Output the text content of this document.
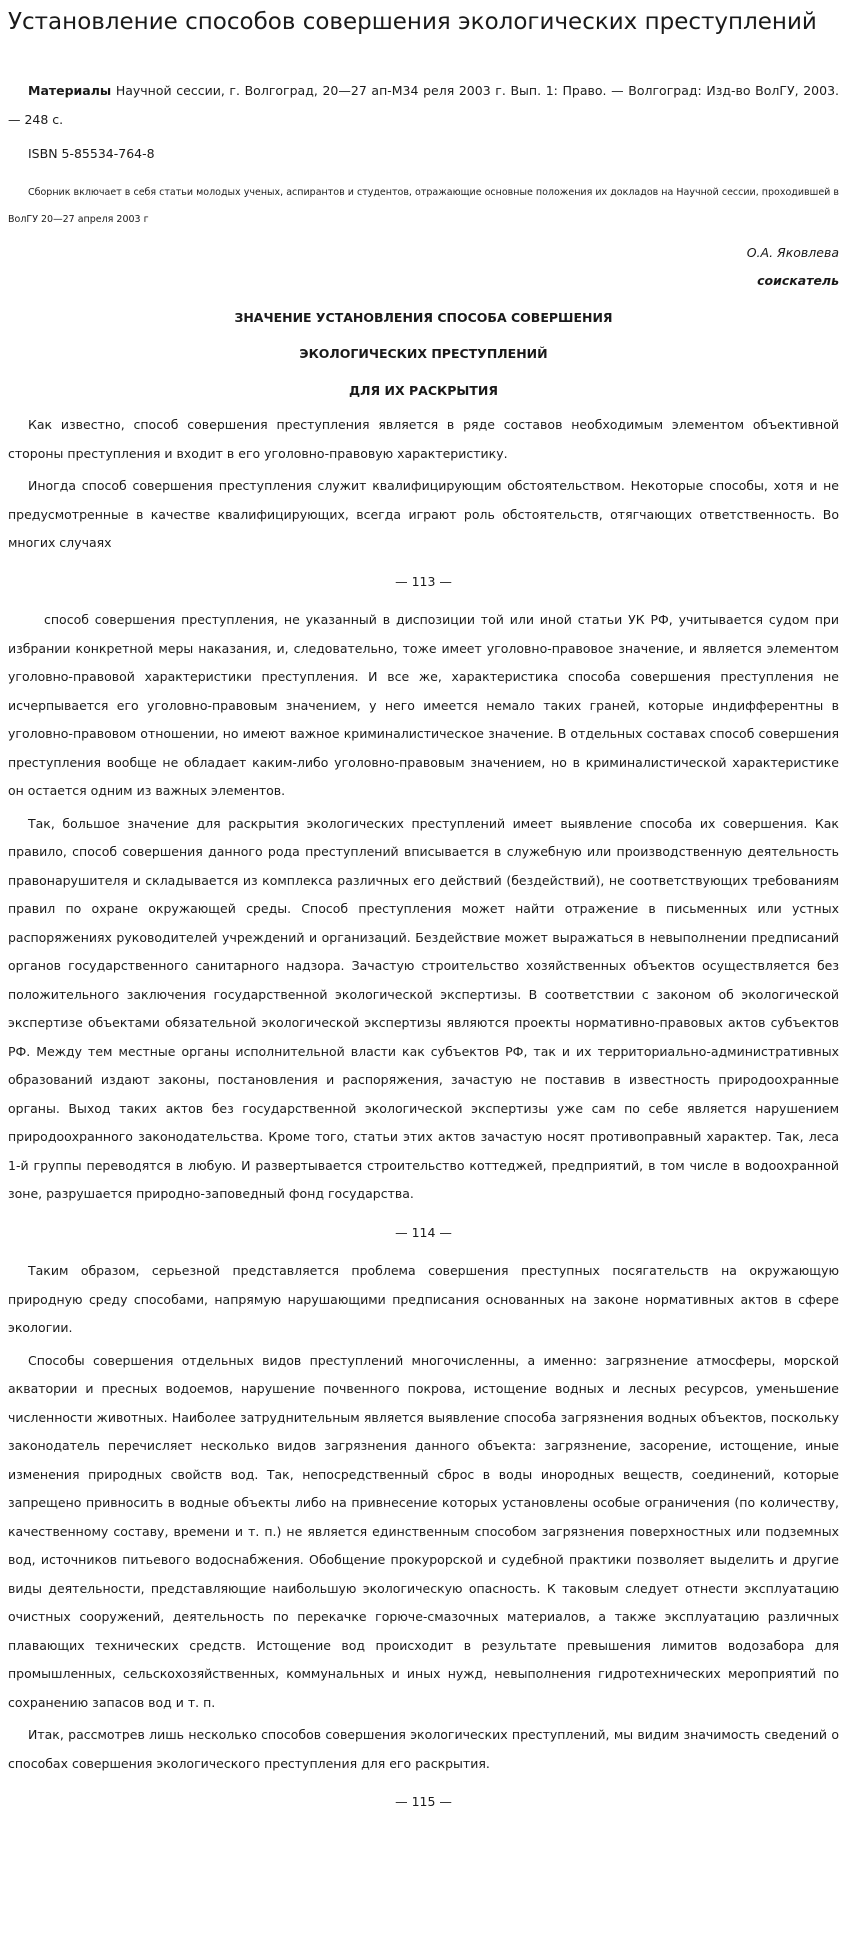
Установление способов совершения экологических преступлений

Материалы Научной сессии, г. Волгоград, 20—27 ап-М34 реля 2003 г. Вып. 1: Право. — Волгоград: Изд-во ВолГУ, 2003. — 248 с.

ISBN 5-85534-764-8

Сборник включает в себя статьи молодых ученых, аспирантов и студентов, отражающие основные положения их докладов на Научной сессии, проходившей в ВолГУ 20—27 апреля 2003 г

О.А. Яковлева

соискатель

ЗНАЧЕНИЕ УСТАНОВЛЕНИЯ СПОСОБА СОВЕРШЕНИЯ

ЭКОЛОГИЧЕСКИХ ПРЕСТУПЛЕНИЙ

ДЛЯ ИХ РАСКРЫТИЯ

Как известно, способ совершения преступления является в ряде составов необходимым элементом объективной стороны преступления и входит в его уголовно-правовую характеристику.

Иногда способ совершения преступления служит квалифицирующим обстоятельством. Некоторые способы, хотя и не предусмотренные в качестве квалифицирующих, всегда играют роль обстоятельств, отягчающих ответственность. Во многих случаях

— 113 —

способ совершения преступления, не указанный в диспозиции той или иной статьи УК РФ, учитывается судом при избрании конкретной меры наказания, и, следовательно, тоже имеет уголовно-правовое значение, и является элементом уголовно-правовой характеристики преступления. И все же, характеристика способа совершения преступления не исчерпывается его уголовно-правовым значением, у него имеется немало таких граней, которые индифферентны в уголовно-правовом отношении, но имеют важное криминалистическое значение. В отдельных составах способ совершения преступления вообще не обладает каким-либо уголовно-правовым значением, но в криминалистической характеристике он остается одним из важных элементов.

Так, большое значение для раскрытия экологических преступлений имеет выявление способа их совершения. Как правило, способ совершения данного рода преступлений вписывается в служебную или производственную деятельность правонарушителя и складывается из комплекса различных его действий (бездействий), не соответствующих требованиям правил по охране окружающей среды. Способ преступления может найти отражение в письменных или устных распоряжениях руководителей учреждений и организаций. Бездействие может выражаться в невыполнении предписаний органов государственного санитарного надзора. Зачастую строительство хозяйственных объектов осуществляется без положительного заключения государственной экологической экспертизы. В соответствии с законом об экологической экспертизе объектами обязательной экологической экспертизы являются проекты нормативно-правовых актов субъектов РФ. Между тем местные органы исполнительной власти как субъектов РФ, так и их территориально-административных образований издают законы, постановления и распоряжения, зачастую не поставив в известность природоохранные органы. Выход таких актов без государственной экологической экспертизы уже сам по себе является нарушением природоохранного законодательства. Кроме того, статьи этих актов зачастую носят противоправный характер. Так, леса 1-й группы переводятся в любую. И развертывается строительство коттеджей, предприятий, в том числе в водоохранной зоне, разрушается природно-заповедный фонд государства.

— 114 —

Таким образом, серьезной представляется проблема совершения преступных посягательств на окружающую природную среду способами, напрямую нарушающими предписания основанных на законе нормативных актов в сфере экологии.

Способы совершения отдельных видов преступлений многочисленны, а именно: загрязнение атмосферы, морской акватории и пресных водоемов, нарушение почвенного покрова, истощение водных и лесных ресурсов, уменьшение численности животных. Наиболее затруднительным является выявление способа загрязнения водных объектов, поскольку законодатель перечисляет несколько видов загрязнения данного объекта: загрязнение, засорение, истощение, иные изменения природных свойств вод. Так, непосредственный сброс в воды инородных веществ, соединений, которые запрещено привносить в водные объекты либо на привнесение которых установлены особые ограничения (по количеству, качественному составу, времени и т. п.) не является единственным способом загрязнения поверхностных или подземных вод, источников питьевого водоснабжения. Обобщение прокурорской и судебной практики позволяет выделить и другие виды деятельности, представляющие наибольшую экологическую опасность. К таковым следует отнести эксплуатацию очистных сооружений, деятельность по перекачке горюче-смазочных материалов, а также эксплуатацию различных плавающих технических средств. Истощение вод происходит в результате превышения лимитов водозабора для промышленных, сельскохозяйственных, коммунальных и иных нужд, невыполнения гидротехнических мероприятий по сохранению запасов вод и т. п.

Итак, рассмотрев лишь несколько способов совершения экологических преступлений, мы видим значимость сведений о способах совершения экологического преступления для его раскрытия.

— 115 —
